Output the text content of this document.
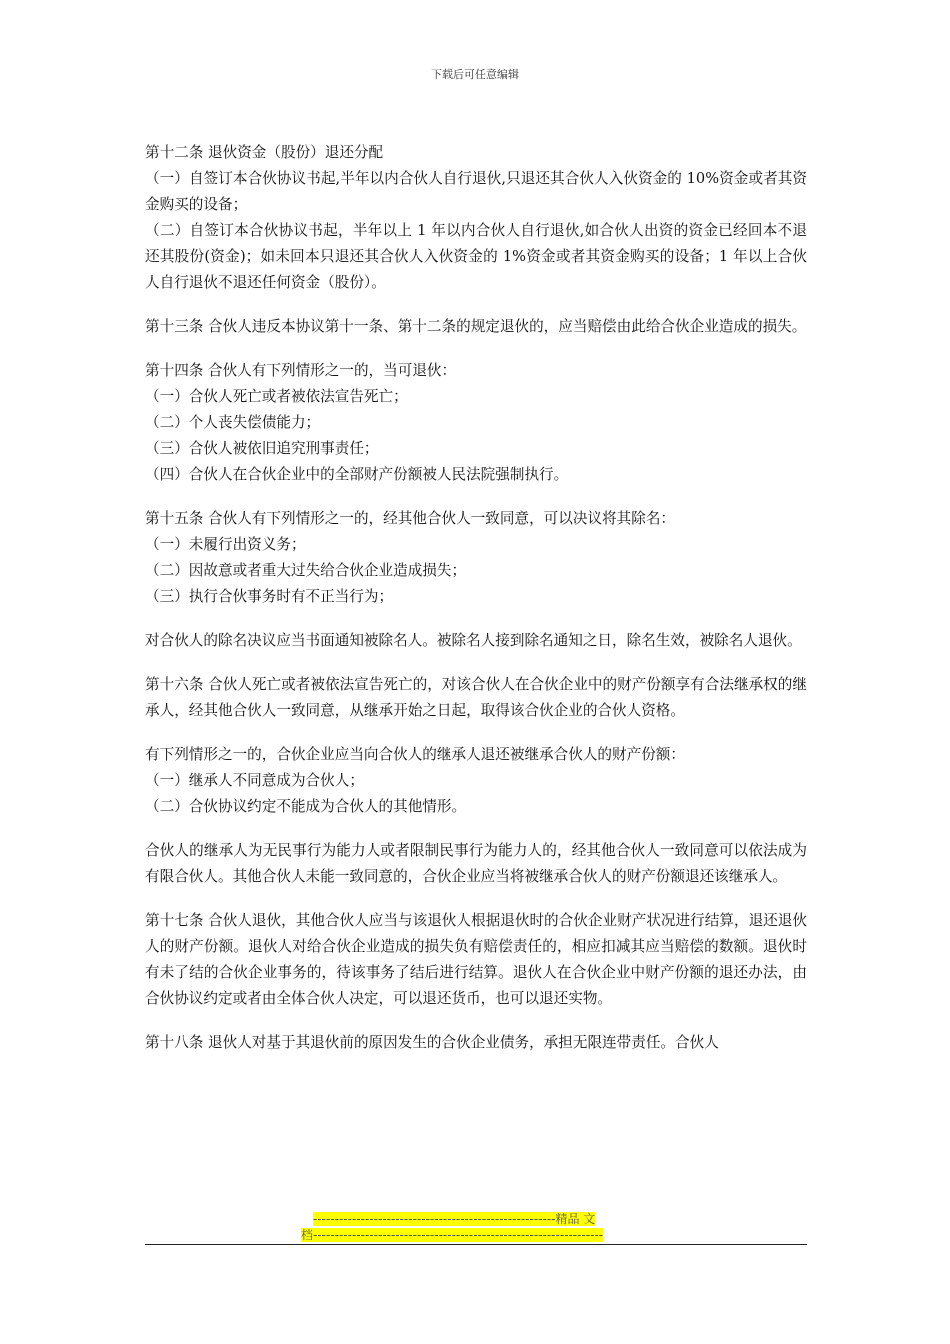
下载后可任意编辑

第十二条 退伙资金（股份）退还分配

（一）自签订本合伙协议书起,半年以内合伙人自行退伙,只退还其合伙人入伙资金的 10%资金或者其资金购买的设备；

（二）自签订本合伙协议书起，半年以上 1 年以内合伙人自行退伙,如合伙人出资的资金已经回本不退还其股份(资金)；如未回本只退还其合伙人入伙资金的 1%资金或者其资金购买的设备；1 年以上合伙人自行退伙不退还任何资金（股份）。

第十三条 合伙人违反本协议第十一条、第十二条的规定退伙的，应当赔偿由此给合伙企业造成的损失。

第十四条 合伙人有下列情形之一的，当可退伙：

（一）合伙人死亡或者被依法宣告死亡；

（二）个人丧失偿债能力；

（三）合伙人被依旧追究刑事责任；

（四）合伙人在合伙企业中的全部财产份额被人民法院强制执行。

第十五条 合伙人有下列情形之一的，经其他合伙人一致同意，可以决议将其除名：

（一）未履行出资义务；

（二）因故意或者重大过失给合伙企业造成损失；

（三）执行合伙事务时有不正当行为；

对合伙人的除名决议应当书面通知被除名人。被除名人接到除名通知之日，除名生效，被除名人退伙。

第十六条 合伙人死亡或者被依法宣告死亡的，对该合伙人在合伙企业中的财产份额享有合法继承权的继承人，经其他合伙人一致同意，从继承开始之日起，取得该合伙企业的合伙人资格。

有下列情形之一的，合伙企业应当向合伙人的继承人退还被继承合伙人的财产份额：

（一）继承人不同意成为合伙人；

（二）合伙协议约定不能成为合伙人的其他情形。

合伙人的继承人为无民事行为能力人或者限制民事行为能力人的，经其他合伙人一致同意可以依法成为有限合伙人。其他合伙人未能一致同意的，合伙企业应当将被继承合伙人的财产份额退还该继承人。

第十七条 合伙人退伙，其他合伙人应当与该退伙人根据退伙时的合伙企业财产状况进行结算，退还退伙人的财产份额。退伙人对给合伙企业造成的损失负有赔偿责任的，相应扣减其应当赔偿的数额。退伙时有未了结的合伙企业事务的，待该事务了结后进行结算。退伙人在合伙企业中财产份额的退还办法，由合伙协议约定或者由全体合伙人决定，可以退还货币，也可以退还实物。

第十八条 退伙人对基于其退伙前的原因发生的合伙企业债务，承担无限连带责任。合伙人

--------------------------------------------------------精品 文
档-------------------------------------------------------------------
